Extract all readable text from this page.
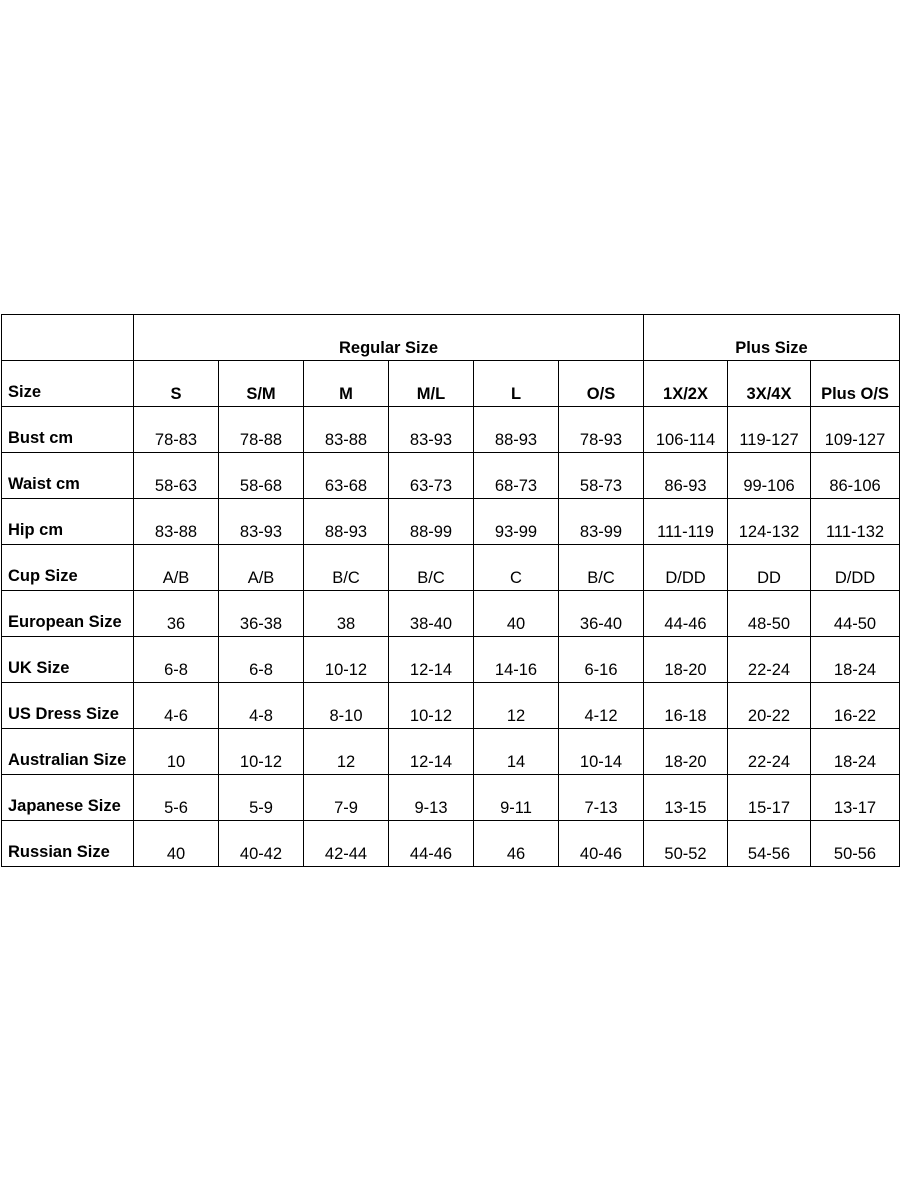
	Regular Size						Plus Size		
Size	S	S/M	M	M/L	L	O/S	1X/2X	3X/4X	Plus O/S
Bust cm	78-83	78-88	83-88	83-93	88-93	78-93	106-114	119-127	109-127
Waist cm	58-63	58-68	63-68	63-73	68-73	58-73	86-93	99-106	86-106
Hip cm	83-88	83-93	88-93	88-99	93-99	83-99	111-119	124-132	111-132
Cup Size	A/B	A/B	B/C	B/C	C	B/C	D/DD	DD	D/DD
European Size	36	36-38	38	38-40	40	36-40	44-46	48-50	44-50
UK Size	6-8	6-8	10-12	12-14	14-16	6-16	18-20	22-24	18-24
US Dress Size	4-6	4-8	8-10	10-12	12	4-12	16-18	20-22	16-22
Australian Size	10	10-12	12	12-14	14	10-14	18-20	22-24	18-24
Japanese Size	5-6	5-9	7-9	9-13	9-11	7-13	13-15	15-17	13-17
Russian Size	40	40-42	42-44	44-46	46	40-46	50-52	54-56	50-56
